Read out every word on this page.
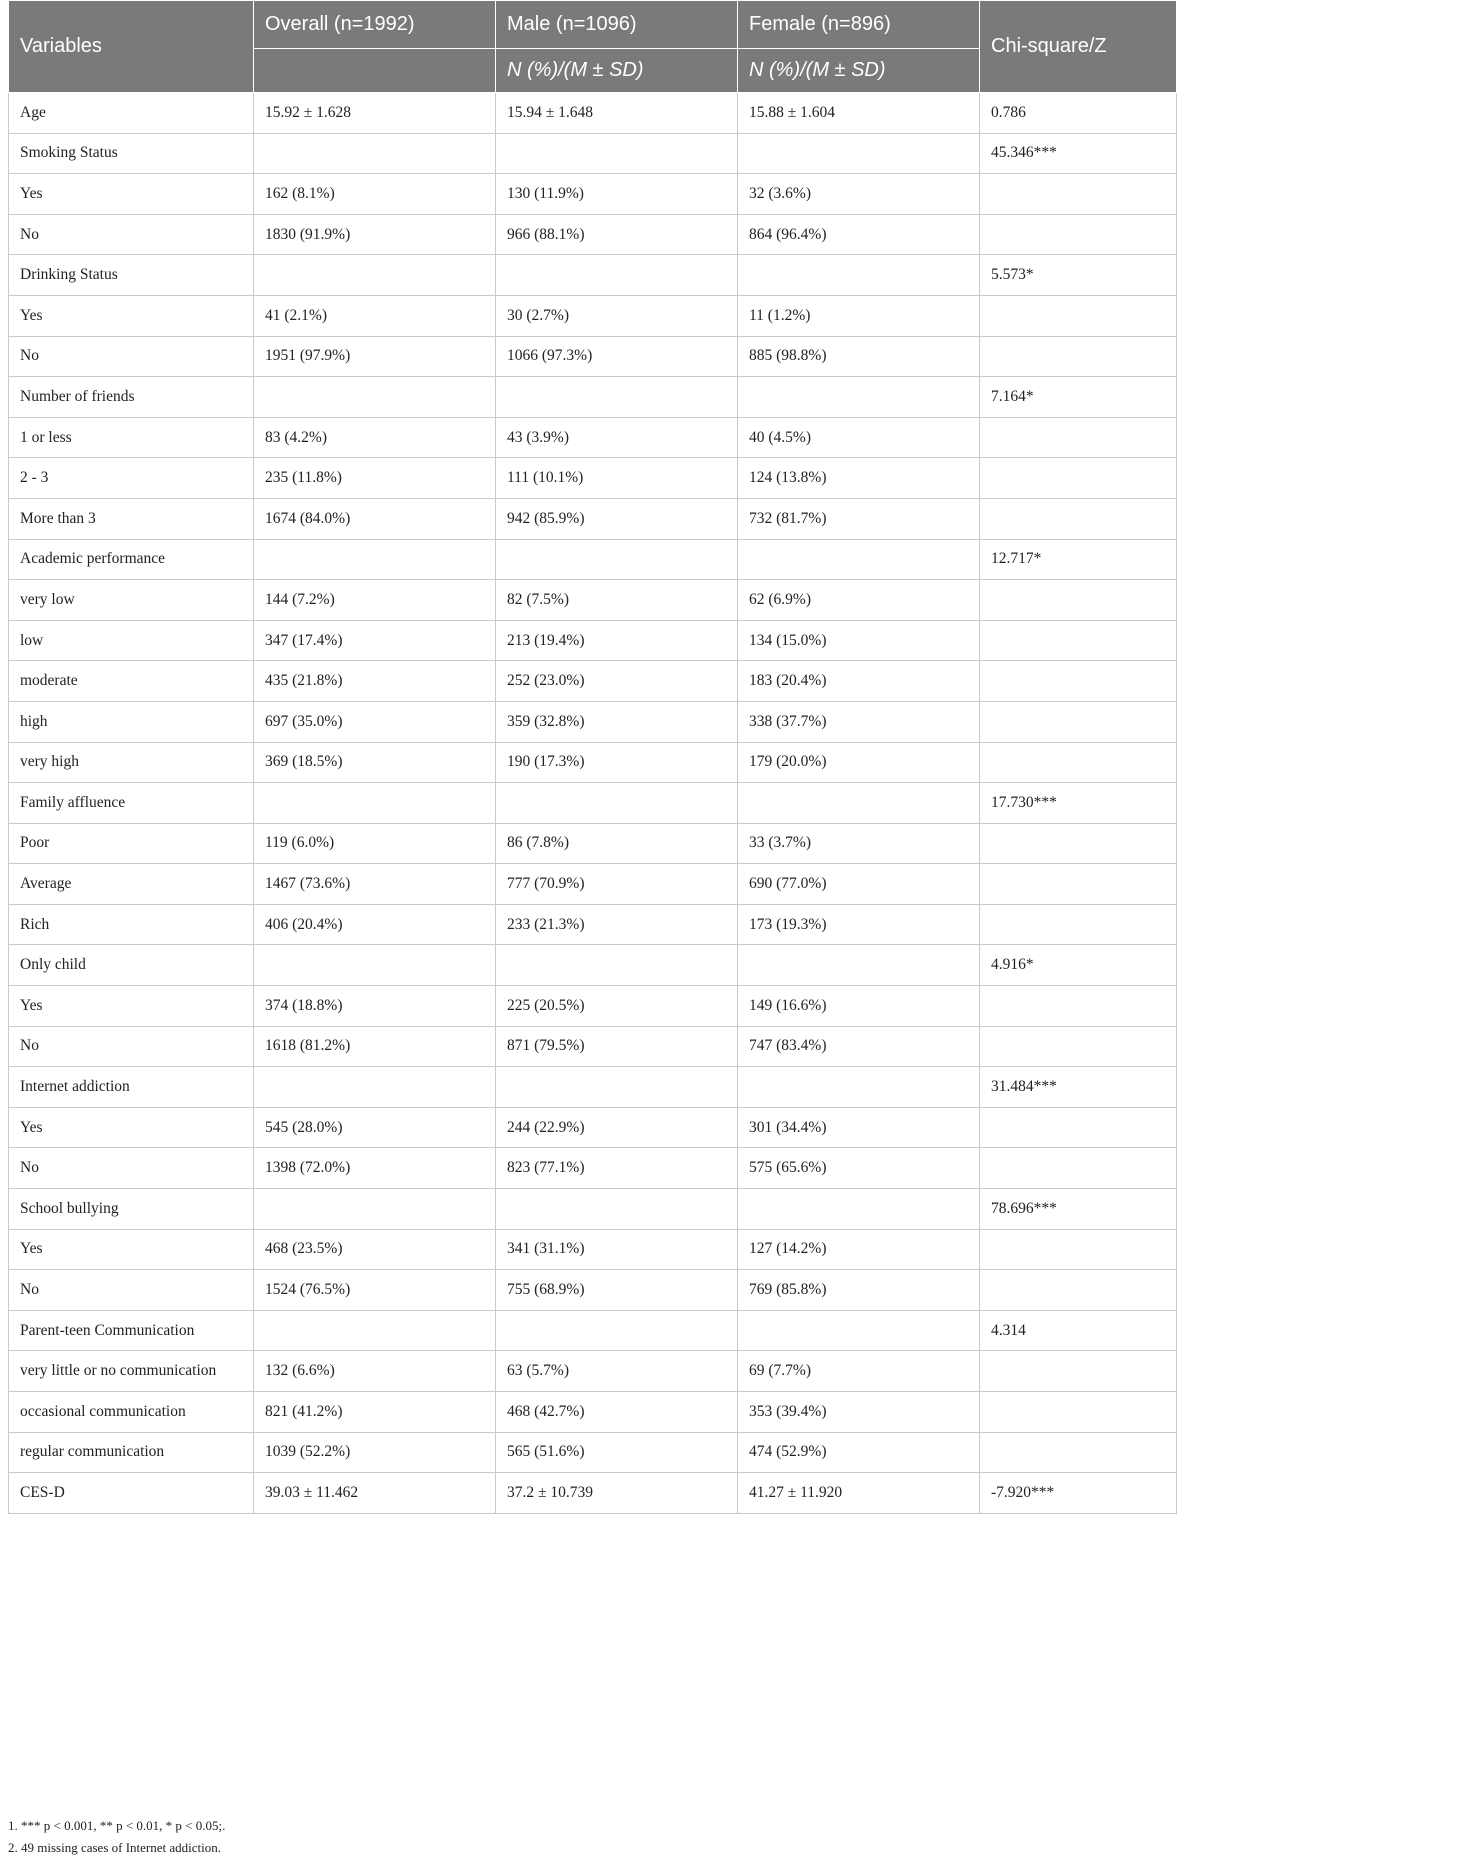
Variables	Overall (n=1992)	Male (n=1096)	Female (n=896)	Chi-square/Z
		N (%)/(M ± SD)	N (%)/(M ± SD)	
Age	15.92 ± 1.628	15.94 ± 1.648	15.88 ± 1.604	0.786
Smoking Status				45.346***
Yes	162 (8.1%)	130 (11.9%)	32 (3.6%)	
No	1830 (91.9%)	966 (88.1%)	864 (96.4%)	
Drinking Status				5.573*
Yes	41 (2.1%)	30 (2.7%)	11 (1.2%)	
No	1951 (97.9%)	1066 (97.3%)	885 (98.8%)	
Number of friends				7.164*
1 or less	83 (4.2%)	43 (3.9%)	40 (4.5%)	
2 - 3	235 (11.8%)	111 (10.1%)	124 (13.8%)	
More than 3	1674 (84.0%)	942 (85.9%)	732 (81.7%)	
Academic performance				12.717*
very low	144 (7.2%)	82 (7.5%)	62 (6.9%)	
low	347 (17.4%)	213 (19.4%)	134 (15.0%)	
moderate	435 (21.8%)	252 (23.0%)	183 (20.4%)	
high	697 (35.0%)	359 (32.8%)	338 (37.7%)	
very high	369 (18.5%)	190 (17.3%)	179 (20.0%)	
Family affluence				17.730***
Poor	119 (6.0%)	86 (7.8%)	33 (3.7%)	
Average	1467 (73.6%)	777 (70.9%)	690 (77.0%)	
Rich	406 (20.4%)	233 (21.3%)	173 (19.3%)	
Only child				4.916*
Yes	374 (18.8%)	225 (20.5%)	149 (16.6%)	
No	1618 (81.2%)	871 (79.5%)	747 (83.4%)	
Internet addiction				31.484***
Yes	545 (28.0%)	244 (22.9%)	301 (34.4%)	
No	1398 (72.0%)	823 (77.1%)	575 (65.6%)	
School bullying				78.696***
Yes	468 (23.5%)	341 (31.1%)	127 (14.2%)	
No	1524 (76.5%)	755 (68.9%)	769 (85.8%)	
Parent-teen Communication				4.314
very little or no communication	132 (6.6%)	63 (5.7%)	69 (7.7%)	
occasional communication	821 (41.2%)	468 (42.7%)	353 (39.4%)	
regular communication	1039 (52.2%)	565 (51.6%)	474 (52.9%)	
CES-D	39.03 ± 11.462	37.2 ± 10.739	41.27 ± 11.920	-7.920***
1. *** p < 0.001, ** p < 0.01, * p < 0.05;.
2. 49 missing cases of Internet addiction.
